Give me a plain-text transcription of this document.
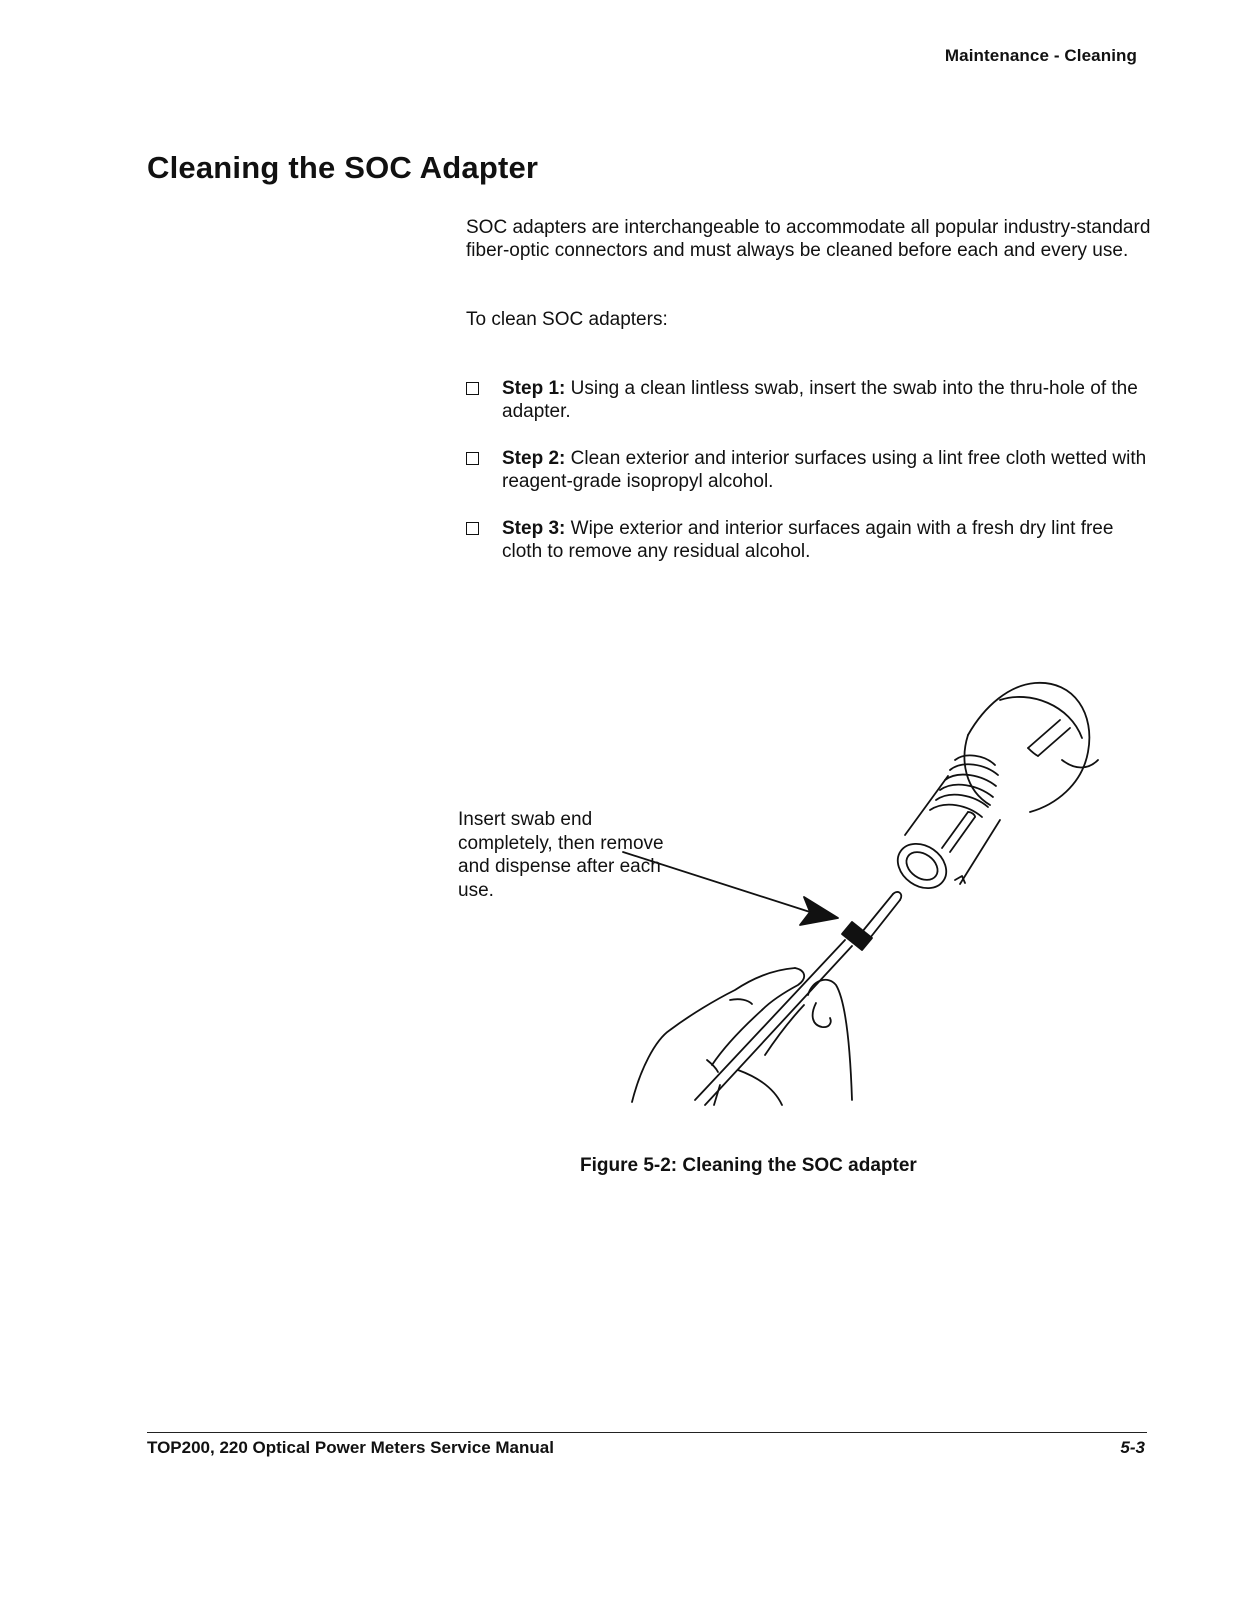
Maintenance - Cleaning
Cleaning the SOC Adapter

SOC adapters are interchangeable to accommodate all popular industry-standard fiber-optic connectors and must always be cleaned before each and every use.

To clean SOC adapters:

Step 1: Using a clean lintless swab, insert the swab into the thru-hole of the adapter.
Step 2: Clean exterior and interior surfaces using a lint free cloth wetted with reagent-grade isopropyl alcohol.
Step 3: Wipe exterior and interior surfaces again with a fresh dry lint free cloth to remove any residual alcohol.
Insert swab end completely, then remove and dispense after each use.
Figure 5-2: Cleaning the SOC adapter
TOP200, 220 Optical Power Meters Service Manual	5-3
